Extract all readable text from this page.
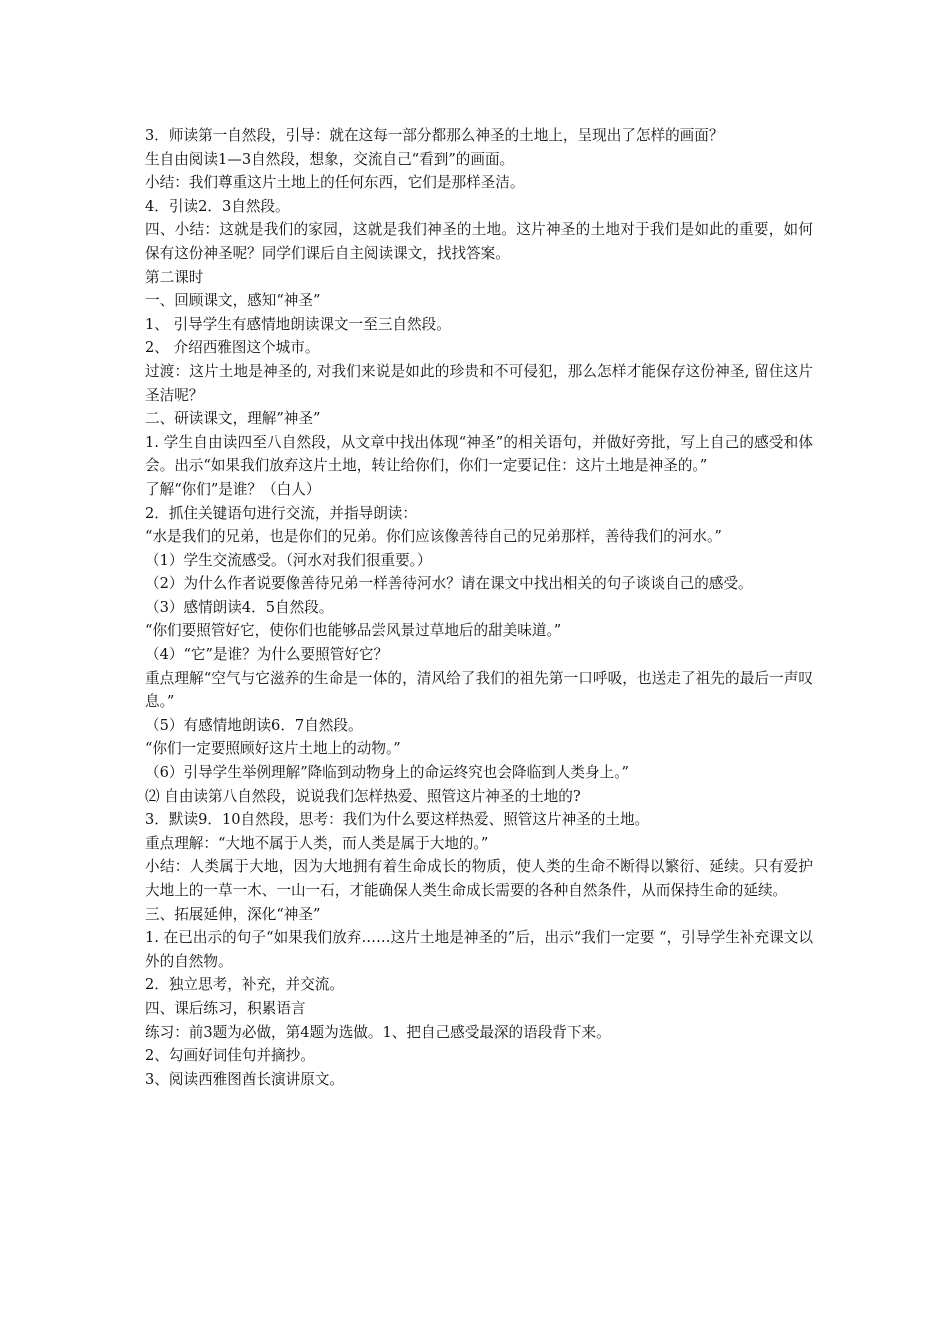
3．师读第一自然段，引导：就在这每一部分都那么神圣的土地上，呈现出了怎样的画面？

生自由阅读1—3自然段，想象，交流自己“看到”的画面。

小结：我们尊重这片土地上的任何东西，它们是那样圣洁。

4．引读2．3自然段。

四、小结：这就是我们的家园，这就是我们神圣的土地。这片神圣的土地对于我们是如此的重要，如何保有这份神圣呢？同学们课后自主阅读课文，找找答案。

第二课时

一、回顾课文，感知“神圣”

1、 引导学生有感情地朗读课文一至三自然段。

2、 介绍西雅图这个城市。

过渡：这片土地是神圣的, 对我们来说是如此的珍贵和不可侵犯，那么怎样才能保存这份神圣, 留住这片圣洁呢？

二、研读课文，理解”神圣”

1. 学生自由读四至八自然段，从文章中找出体现“神圣”的相关语句，并做好旁批，写上自己的感受和体会。出示“如果我们放弃这片土地，转让给你们，你们一定要记住：这片土地是神圣的。”

了解“你们”是谁？（白人）

2．抓住关键语句进行交流，并指导朗读：

“水是我们的兄弟，也是你们的兄弟。你们应该像善待自己的兄弟那样，善待我们的河水。”

（1）学生交流感受。（河水对我们很重要。）

（2）为什么作者说要像善待兄弟一样善待河水？请在课文中找出相关的句子谈谈自己的感受。

（3）感情朗读4．5自然段。

“你们要照管好它，使你们也能够品尝风景过草地后的甜美味道。”

（4）“它”是谁？为什么要照管好它？

重点理解“空气与它滋养的生命是一体的，清风给了我们的祖先第一口呼吸，也送走了祖先的最后一声叹息。”

（5）有感情地朗读6．7自然段。

“你们一定要照顾好这片土地上的动物。”

（6）引导学生举例理解”降临到动物身上的命运终究也会降临到人类身上。”

⑵ 自由读第八自然段，说说我们怎样热爱、照管这片神圣的土地的?

3．默读9．10自然段，思考：我们为什么要这样热爱、照管这片神圣的土地。

重点理解：“大地不属于人类，而人类是属于大地的。”

小结：人类属于大地，因为大地拥有着生命成长的物质，使人类的生命不断得以繁衍、延续。只有爱护大地上的一草一木、一山一石，才能确保人类生命成长需要的各种自然条件，从而保持生命的延续。

三、拓展延伸，深化“神圣”

1. 在已出示的句子“如果我们放弃……这片土地是神圣的”后，出示“我们一定要 “，引导学生补充课文以外的自然物。

2．独立思考，补充，并交流。

四、课后练习，积累语言

练习：前3题为必做，第4题为选做。1、把自己感受最深的语段背下来。

2、勾画好词佳句并摘抄。

3、阅读西雅图酋长演讲原文。
